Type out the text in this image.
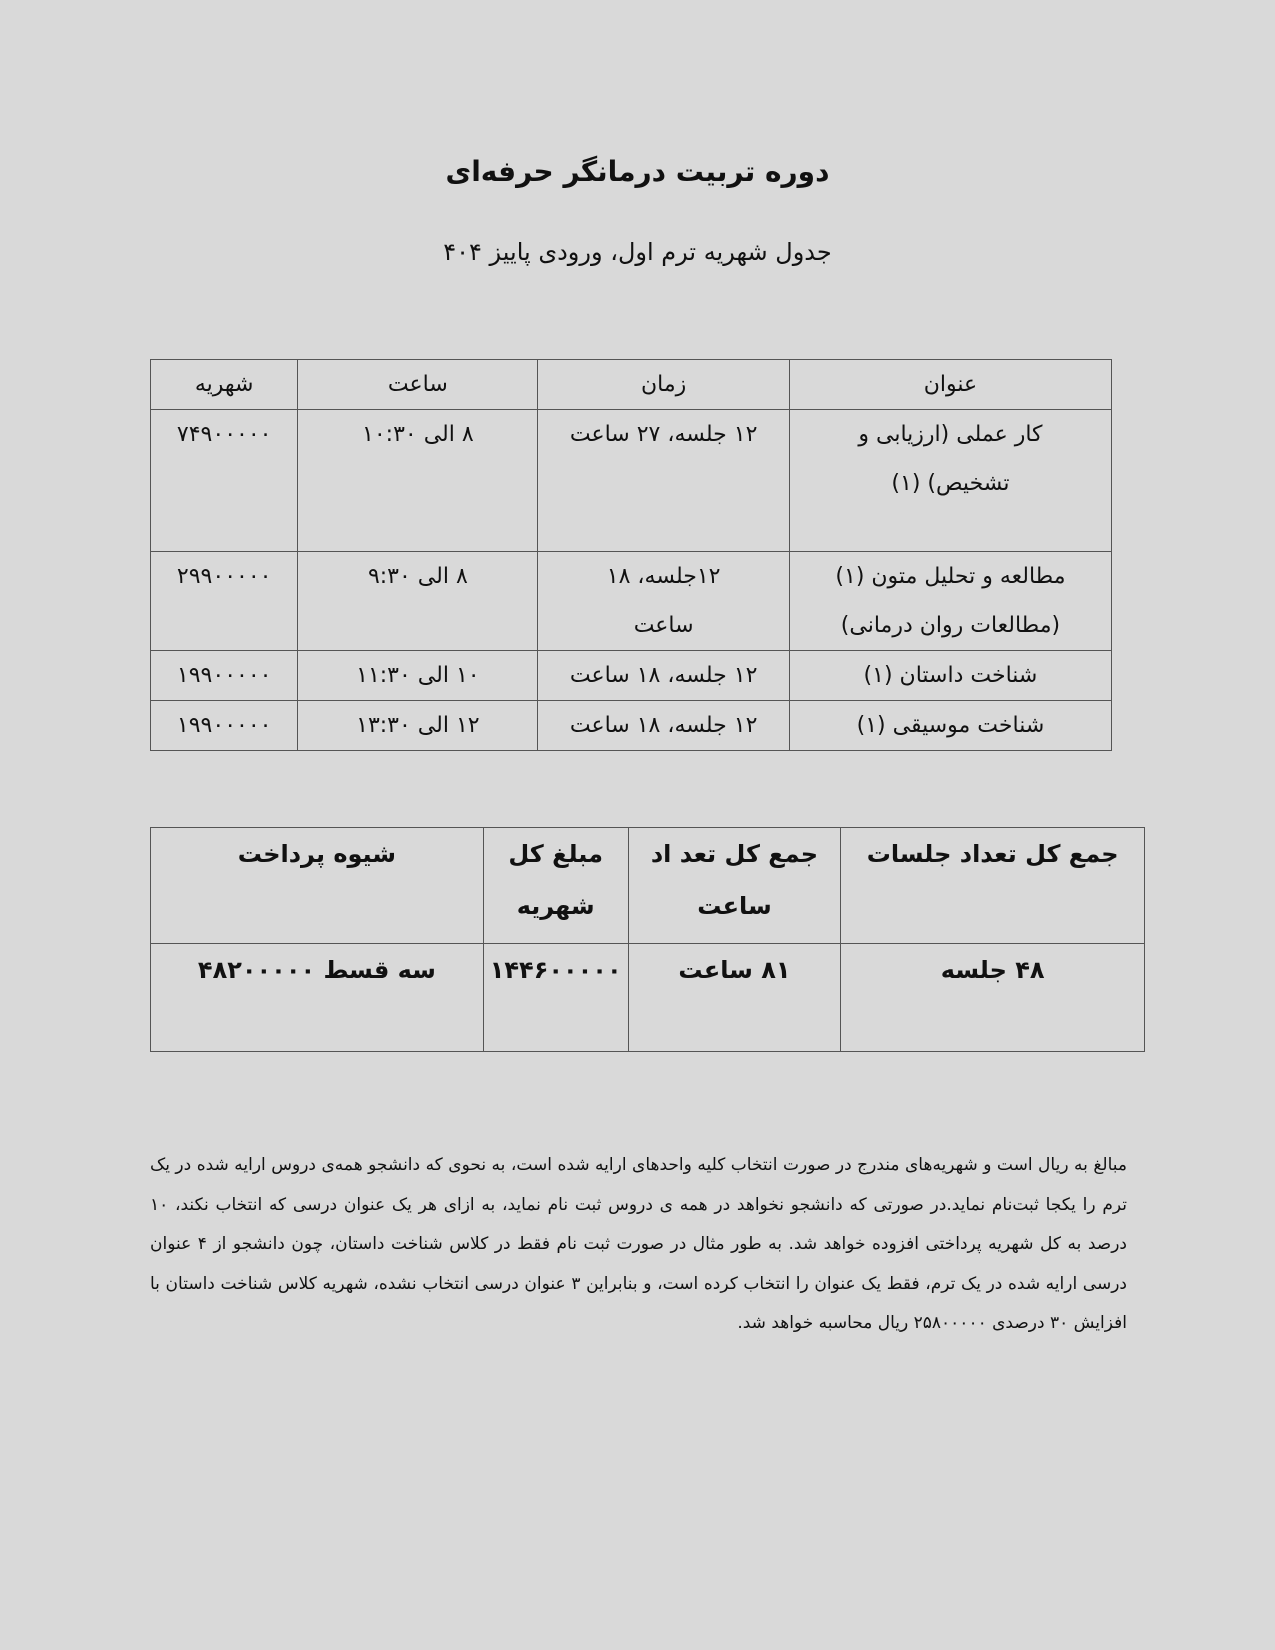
دوره تربیت درمانگر حرفه‌ای
جدول شهریه ترم اول، ورودی پاییز ۴۰۴
عنوان	زمان	ساعت	شهریه
کار عملی (ارزیابی و تشخیص) (۱)	۱۲ جلسه، ۲۷ ساعت	۸ الی ۱۰:۳۰	۷۴۹۰۰۰۰۰
مطالعه و تحلیل متون (۱) (مطالعات روان درمانی)	۱۲جلسه، ۱۸ ساعت	۸ الی ۹:۳۰	۲۹۹۰۰۰۰۰
شناخت داستان (۱)	۱۲ جلسه، ۱۸ ساعت	۱۰ الی ۱۱:۳۰	۱۹۹۰۰۰۰۰
شناخت موسیقی (۱)	۱۲ جلسه، ۱۸ ساعت	۱۲ الی ۱۳:۳۰	۱۹۹۰۰۰۰۰
جمع کل تعداد جلسات	جمع کل تعد اد ساعت	مبلغ کل شهریه	شیوه پرداخت
۴۸ جلسه	۸۱ ساعت	۱۴۴۶۰۰۰۰۰	سه قسط ۴۸۲۰۰۰۰۰
مبالغ به ریال است و شهریه‌های مندرج در صورت انتخاب کلیه واحدهای ارایه شده است، به نحوی که دانشجو همه‌ی دروس ارایه شده در یک ترم را یکجا ثبت‌نام نماید.در صورتی که دانشجو نخواهد در همه ی دروس ثبت نام نماید، به ازای هر یک عنوان درسی که انتخاب نکند، ۱۰ درصد به کل شهریه پرداختی افزوده خواهد شد. به طور مثال در صورت ثبت نام فقط در کلاس شناخت داستان، چون دانشجو از ۴ عنوان درسی ارایه شده در یک ترم، فقط یک عنوان را انتخاب کرده است، و بنابراین ۳ عنوان درسی انتخاب نشده، شهریه کلاس شناخت داستان با افزایش ۳۰ درصدی ۲۵۸۰۰۰۰۰ ریال محاسبه خواهد شد.
